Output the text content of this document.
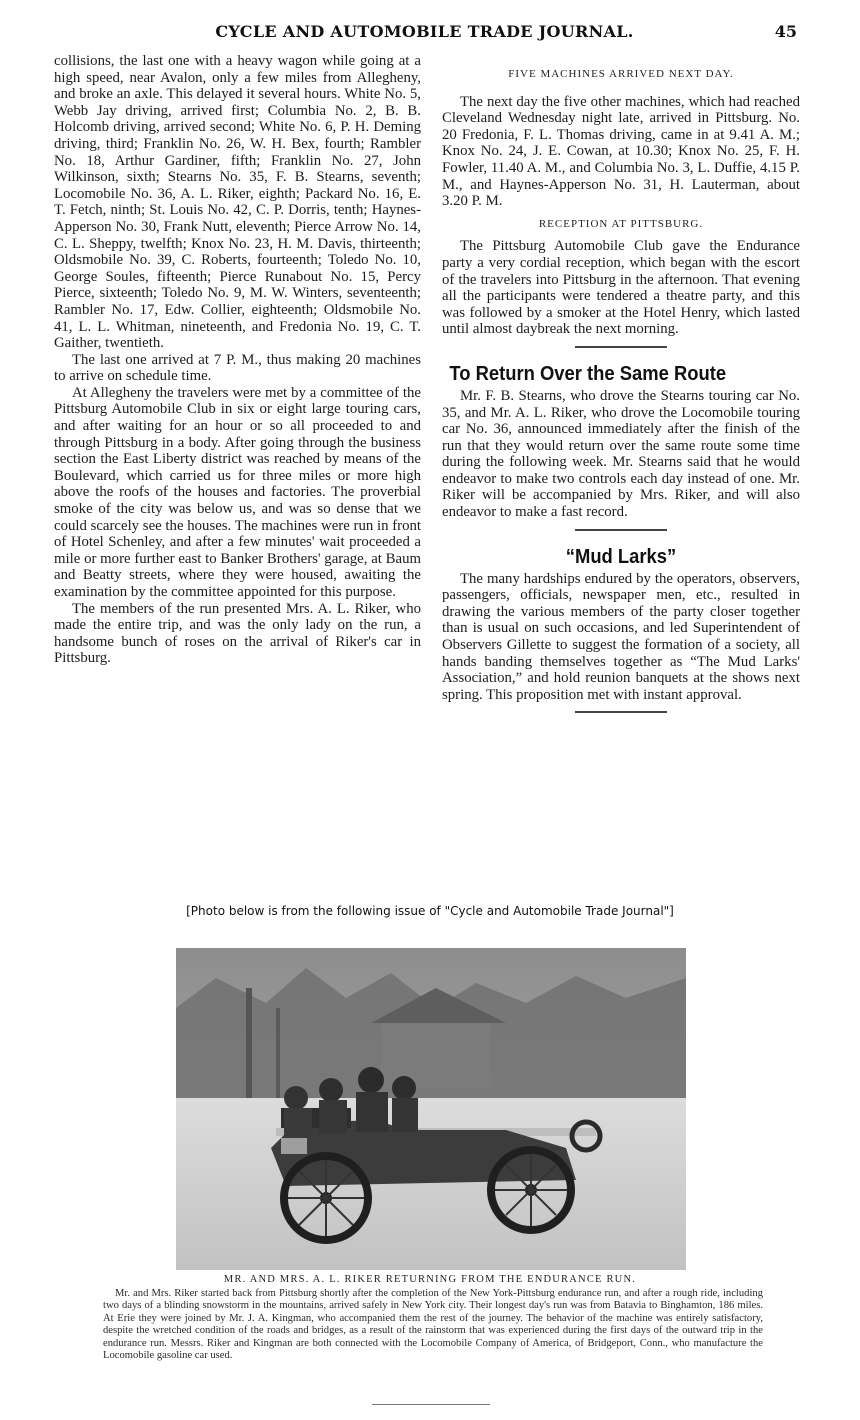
CYCLE AND AUTOMOBILE TRADE JOURNAL.	45

collisions, the last one with a heavy wagon while going at a high speed, near Avalon, only a few miles from Allegheny, and broke an axle. This delayed it several hours. White No. 5, Webb Jay driving, arrived first; Columbia No. 2, B. B. Holcomb driving, arrived second; White No. 6, P. H. Deming driving, third; Franklin No. 26, W. H. Bex, fourth; Rambler No. 18, Arthur Gardiner, fifth; Franklin No. 27, John Wilkinson, sixth; Stearns No. 35, F. B. Stearns, seventh; Locomobile No. 36, A. L. Riker, eighth; Packard No. 16, E. T. Fetch, ninth; St. Louis No. 42, C. P. Dorris, tenth; Haynes-Apperson No. 30, Frank Nutt, eleventh; Pierce Arrow No. 14, C. L. Sheppy, twelfth; Knox No. 23, H. M. Davis, thirteenth; Oldsmobile No. 39, C. Roberts, fourteenth; Toledo No. 10, George Soules, fifteenth; Pierce Runabout No. 15, Percy Pierce, sixteenth; Toledo No. 9, M. W. Winters, seventeenth; Rambler No. 17, Edw. Collier, eighteenth; Oldsmobile No. 41, L. L. Whitman, nineteenth, and Fredonia No. 19, C. T. Gaither, twentieth.

The last one arrived at 7 P. M., thus making 20 machines to arrive on schedule time.

At Allegheny the travelers were met by a committee of the Pittsburg Automobile Club in six or eight large touring cars, and after waiting for an hour or so all proceeded to and through Pittsburg in a body. After going through the business section the East Liberty district was reached by means of the Boulevard, which carried us for three miles or more high above the roofs of the houses and factories. The proverbial smoke of the city was below us, and was so dense that we could scarcely see the houses. The machines were run in front of Hotel Schenley, and after a few minutes' wait proceeded a mile or more further east to Banker Brothers' garage, at Baum and Beatty streets, where they were housed, awaiting the examination by the committee appointed for this purpose.

The members of the run presented Mrs. A. L. Riker, who made the entire trip, and was the only lady on the run, a handsome bunch of roses on the arrival of Riker's car in Pittsburg.

FIVE MACHINES ARRIVED NEXT DAY.

The next day the five other machines, which had reached Cleveland Wednesday night late, arrived in Pittsburg. No. 20 Fredonia, F. L. Thomas driving, came in at 9.41 A. M.; Knox No. 24, J. E. Cowan, at 10.30; Knox No. 25, F. H. Fowler, 11.40 A. M., and Columbia No. 3, L. Duffie, 4.15 P. M., and Haynes-Apperson No. 31, H. Lauterman, about 3.20 P. M.

RECEPTION AT PITTSBURG.

The Pittsburg Automobile Club gave the Endurance party a very cordial reception, which began with the escort of the travelers into Pittsburg in the afternoon. That evening all the participants were tendered a theatre party, and this was followed by a smoker at the Hotel Henry, which lasted until almost daybreak the next morning.

To Return Over the Same Route

Mr. F. B. Stearns, who drove the Stearns touring car No. 35, and Mr. A. L. Riker, who drove the Locomobile touring car No. 36, announced immediately after the finish of the run that they would return over the same route some time during the following week. Mr. Stearns said that he would endeavor to make two controls each day instead of one. Mr. Riker will be accompanied by Mrs. Riker, and will also endeavor to make a fast record.

“Mud Larks”

The many hardships endured by the operators, observers, passengers, officials, newspaper men, etc., resulted in drawing the various members of the party closer together than is usual on such occasions, and led Superintendent of Observers Gillette to suggest the formation of a society, all hands banding themselves together as “The Mud Larks' Association,” and hold reunion banquets at the shows next spring. This proposition met with instant approval.

[Photo below is from the following issue of "Cycle and Automobile Trade Journal"]
MR. AND MRS. A. L. RIKER RETURNING FROM THE ENDURANCE RUN.
Mr. and Mrs. Riker started back from Pittsburg shortly after the completion of the New York-Pittsburg endurance run, and after a rough ride, including two days of a blinding snowstorm in the mountains, arrived safely in New York city. Their longest day's run was from Batavia to Binghamton, 186 miles. At Erie they were joined by Mr. J. A. Kingman, who accompanied them the rest of the journey. The behavior of the machine was entirely satisfactory, despite the wretched condition of the roads and bridges, as a result of the rainstorm that was experienced during the first days of the outward trip in the endurance run. Messrs. Riker and Kingman are both connected with the Locomobile Company of America, of Bridgeport, Conn., who manufacture the Locomobile gasoline car used.
